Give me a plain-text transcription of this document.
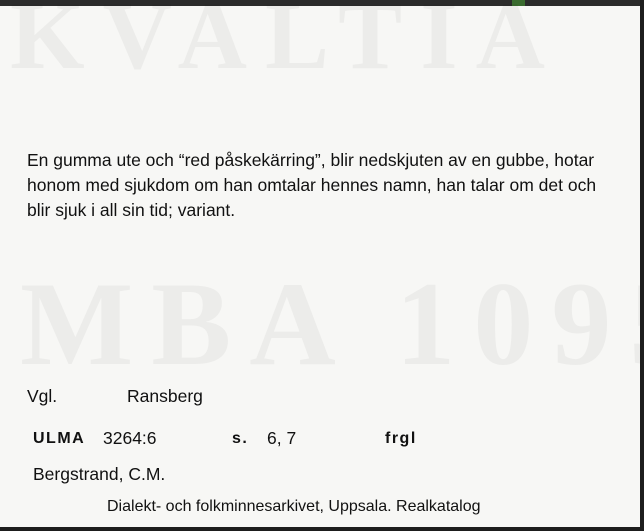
En gumma ute och “red påskekärring”, blir nedskjuten av en gubbe, hotar honom med sjukdom om han omtalar hennes namn, han talar om det och blir sjuk i all sin tid; variant.
Vgl.	Ransberg
ULMA 3264:6	s. 6, 7	frgl
Bergstrand, C.M.
Dialekt- och folkminnesarkivet, Uppsala. Realkatalog
